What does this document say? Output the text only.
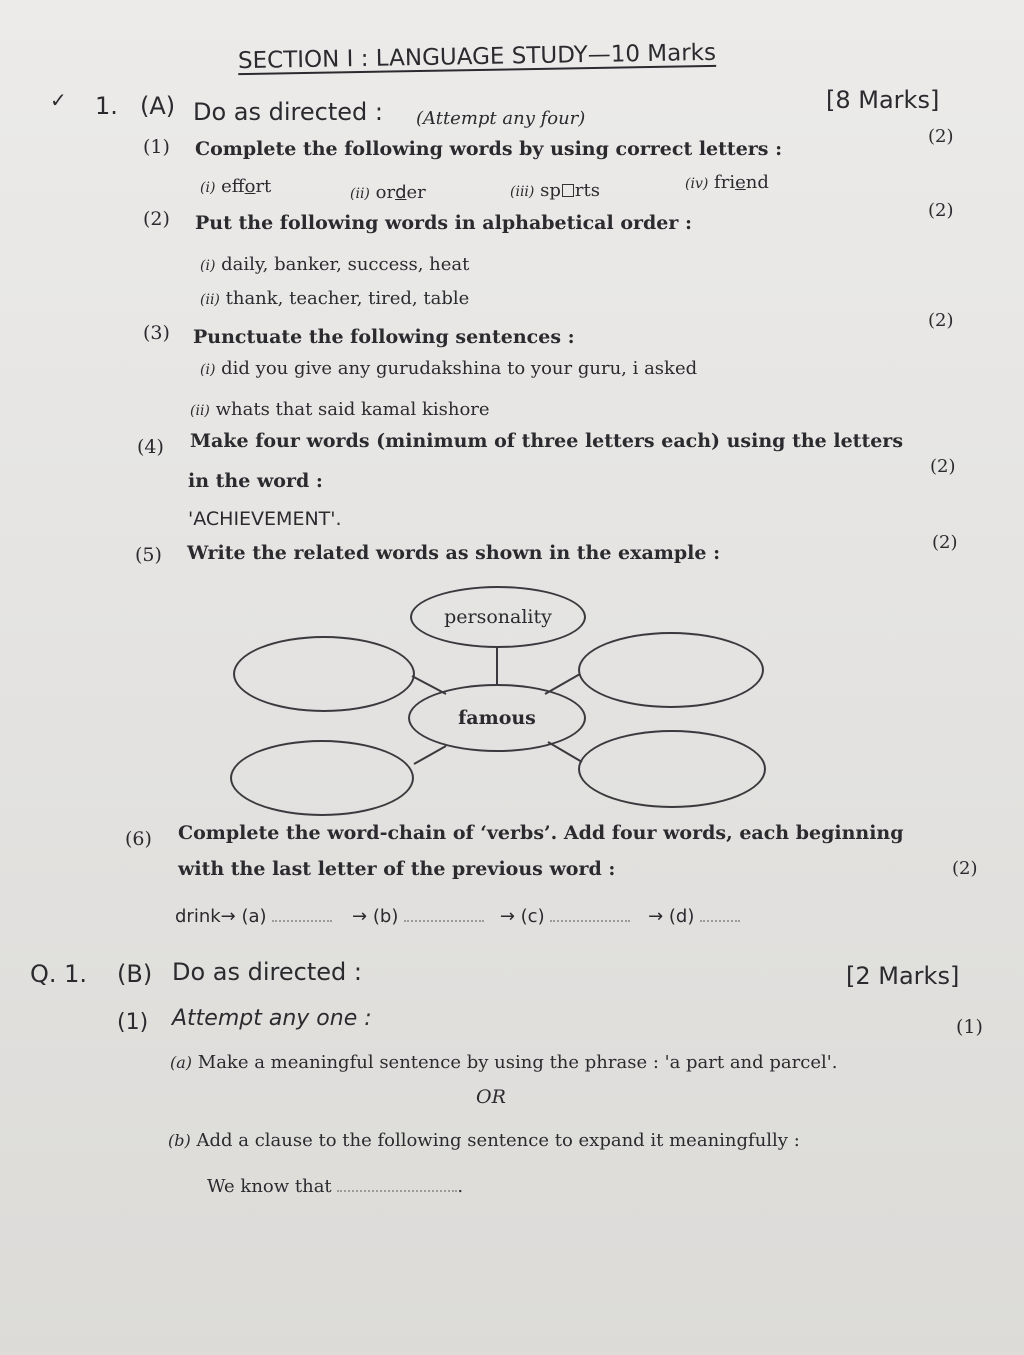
SECTION I : LANGUAGE STUDY—10 Marks
✓ 1. (A) Do as directed : (Attempt any four)
[8 Marks]
(1) Complete the following words by using correct letters :
(2)
(i) effort	(ii) order	(iii) sp rts	(iv) friend
(2) Put the following words in alphabetical order :
(2)
(i) daily, banker, success, heat
(ii) thank, teacher, tired, table
(3) Punctuate the following sentences :
(2)
(i) did you give any gurudakshina to your guru, i asked
(ii) whats that said kamal kishore
(4) Make four words (minimum of three letters each) using the letters
in the word :
(2)
'ACHIEVEMENT'.
(5) Write the related words as shown in the example :	(2)
personality
famous
(6) Complete the word-chain of ‘verbs’. Add four words, each beginning
with the last letter of the previous word :	(2)
drink→ (a)	→ (b)	→ (c)	→ (d)
Q. 1. (B) Do as directed :	[2 Marks]
(1) Attempt any one :	(1)
(a) Make a meaningful sentence by using the phrase : 'a part and parcel'.
OR
(b) Add a clause to the following sentence to expand it meaningfully :
We know that	.
